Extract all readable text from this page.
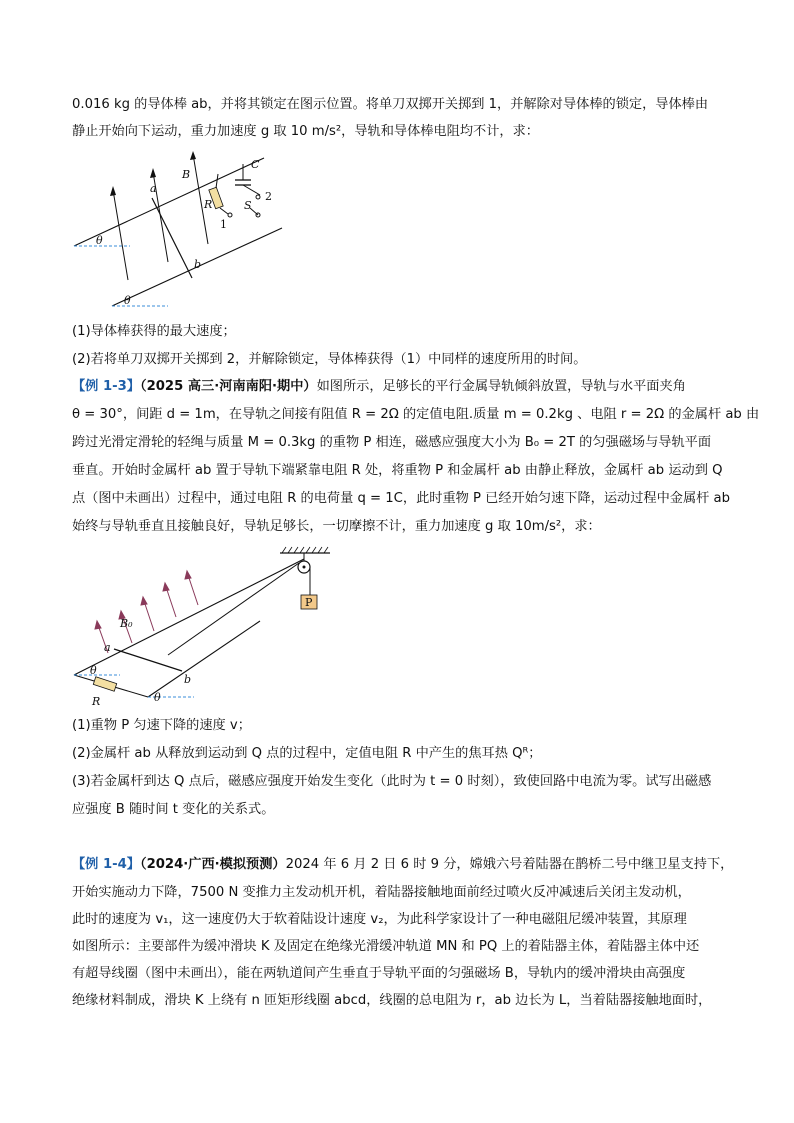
0.016 kg 的导体棒 ab，并将其锁定在图示位置。将单刀双掷开关掷到 1，并解除对导体棒的锁定，导体棒由
静止开始向下运动，重力加速度 g 取 10 m/s²，导轨和导体棒电阻均不计，求：
C
B
a
b
R	S
1
2
θ
θ
(1)导体棒获得的最大速度；
(2)若将单刀双掷开关掷到 2，并解除锁定，导体棒获得（1）中同样的速度所用的时间。
【例 1-3】（2025 高三·河南南阳·期中）如图所示，足够长的平行金属导轨倾斜放置，导轨与水平面夹角
θ = 30°，间距 d = 1m，在导轨之间接有阻值 R = 2Ω 的定值电阻.质量 m = 0.2kg 、电阻 r = 2Ω 的金属杆 ab 由
跨过光滑定滑轮的轻绳与质量 M = 0.3kg 的重物 P 相连，磁感应强度大小为 B₀ = 2T 的匀强磁场与导轨平面
垂直。开始时金属杆 ab 置于导轨下端紧靠电阻 R 处，将重物 P 和金属杆 ab 由静止释放，金属杆 ab 运动到 Q
点（图中未画出）过程中，通过电阻 R 的电荷量 q = 1C，此时重物 P 已经开始匀速下降，运动过程中金属杆 ab
始终与导轨垂直且接触良好，导轨足够长，一切摩擦不计，重力加速度 g 取 10m/s²，求：
P
B₀
a
b
R
θ
θ
(1)重物 P 匀速下降的速度 v；
(2)金属杆 ab 从释放到运动到 Q 点的过程中，定值电阻 R 中产生的焦耳热 Qᴿ；
(3)若金属杆到达 Q 点后，磁感应强度开始发生变化（此时为 t = 0 时刻），致使回路中电流为零。试写出磁感
应强度 B 随时间 t 变化的关系式。
【例 1-4】（2024·广西·模拟预测）2024 年 6 月 2 日 6 时 9 分，嫦娥六号着陆器在鹊桥二号中继卫星支持下，
开始实施动力下降，7500 N 变推力主发动机开机，着陆器接触地面前经过喷火反冲减速后关闭主发动机，
此时的速度为 v₁，这一速度仍大于软着陆设计速度 v₂，为此科学家设计了一种电磁阻尼缓冲装置，其原理
如图所示：主要部件为缓冲滑块 K 及固定在绝缘光滑缓冲轨道 MN 和 PQ 上的着陆器主体，着陆器主体中还
有超导线圈（图中未画出），能在两轨道间产生垂直于导轨平面的匀强磁场 B，导轨内的缓冲滑块由高强度
绝缘材料制成，滑块 K 上绕有 n 匝矩形线圈 abcd，线圈的总电阻为 r，ab 边长为 L，当着陆器接触地面时，
